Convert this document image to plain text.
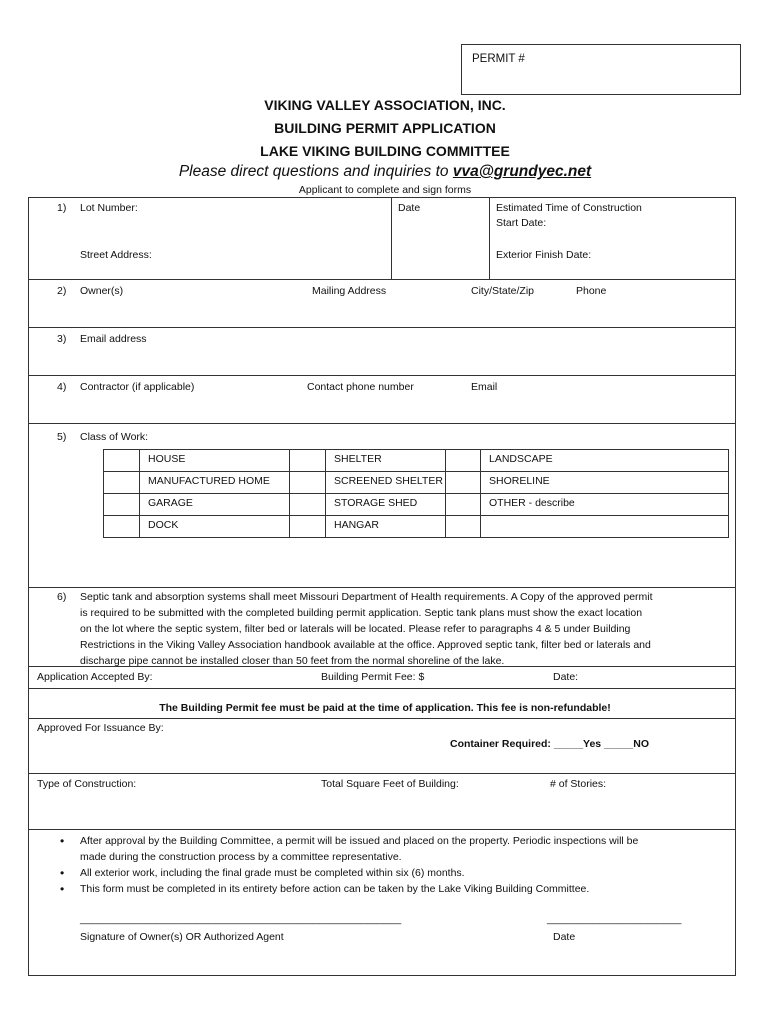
PERMIT #
VIKING VALLEY ASSOCIATION, INC.
BUILDING PERMIT APPLICATION
LAKE VIKING BUILDING COMMITTEE
Please direct questions and inquiries to vva@grundyec.net
Applicant to complete and sign forms
1) Lot Number:	Date	Estimated Time of Construction
Start Date:
Street Address:	Exterior Finish Date:
2) Owner(s)	Mailing Address	City/State/Zip	Phone
3) Email address
4) Contractor (if applicable)	Contact phone number	Email
5) Class of Work:
	HOUSE		SHELTER		LANDSCAPE
	MANUFACTURED HOME		SCREENED SHELTER		SHORELINE
	GARAGE		STORAGE SHED		OTHER - describe
	DOCK		HANGAR		
6) Septic tank and absorption systems shall meet Missouri Department of Health requirements. A Copy of the approved permit
is required to be submitted with the completed building permit application. Septic tank plans must show the exact location
on the lot where the septic system, filter bed or laterals will be located. Please refer to paragraphs 4 & 5 under Building
Restrictions in the Viking Valley Association handbook available at the office. Approved septic tank, filter bed or laterals and
discharge pipe cannot be installed closer than 50 feet from the normal shoreline of the lake.
Application Accepted By:	Building Permit Fee: $	Date:
The Building Permit fee must be paid at the time of application. This fee is non-refundable!
Approved For Issuance By:
Container Required: _____Yes _____NO
Type of Construction:	Total Square Feet of Building:	# of Stories:
• After approval by the Building Committee, a permit will be issued and placed on the property. Periodic inspections will be
made during the construction process by a committee representative.
• All exterior work, including the final grade must be completed within six (6) months.
• This form must be completed in its entirety before action can be taken by the Lake Viking Building Committee.
_______________________________________________________
Signature of Owner(s) OR Authorized Agent
_______________________
Date
